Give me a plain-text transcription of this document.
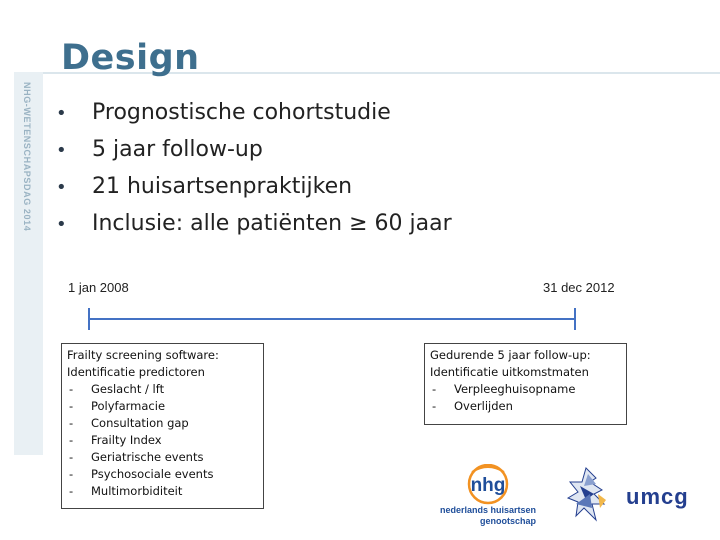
NHG-WETENSCHAPSDAG 2014
Design
• Prognostische cohortstudie
• 5 jaar follow-up
• 21 huisartsenpraktijken
• Inclusie: alle patiënten ≥ 60 jaar
1 jan 2008	31 dec 2012
Frailty screening software:
Identificatie predictoren
- Geslacht / lft
- Polyfarmacie
- Consultation gap
- Frailty Index
- Geriatrische events
- Psychosociale events
- Multimorbiditeit
Gedurende 5 jaar follow-up:
Identificatie uitkomstmaten
- Verpleeghuisopname
- Overlijden
nhg
nederlands huisartsen
genootschap
umcg
